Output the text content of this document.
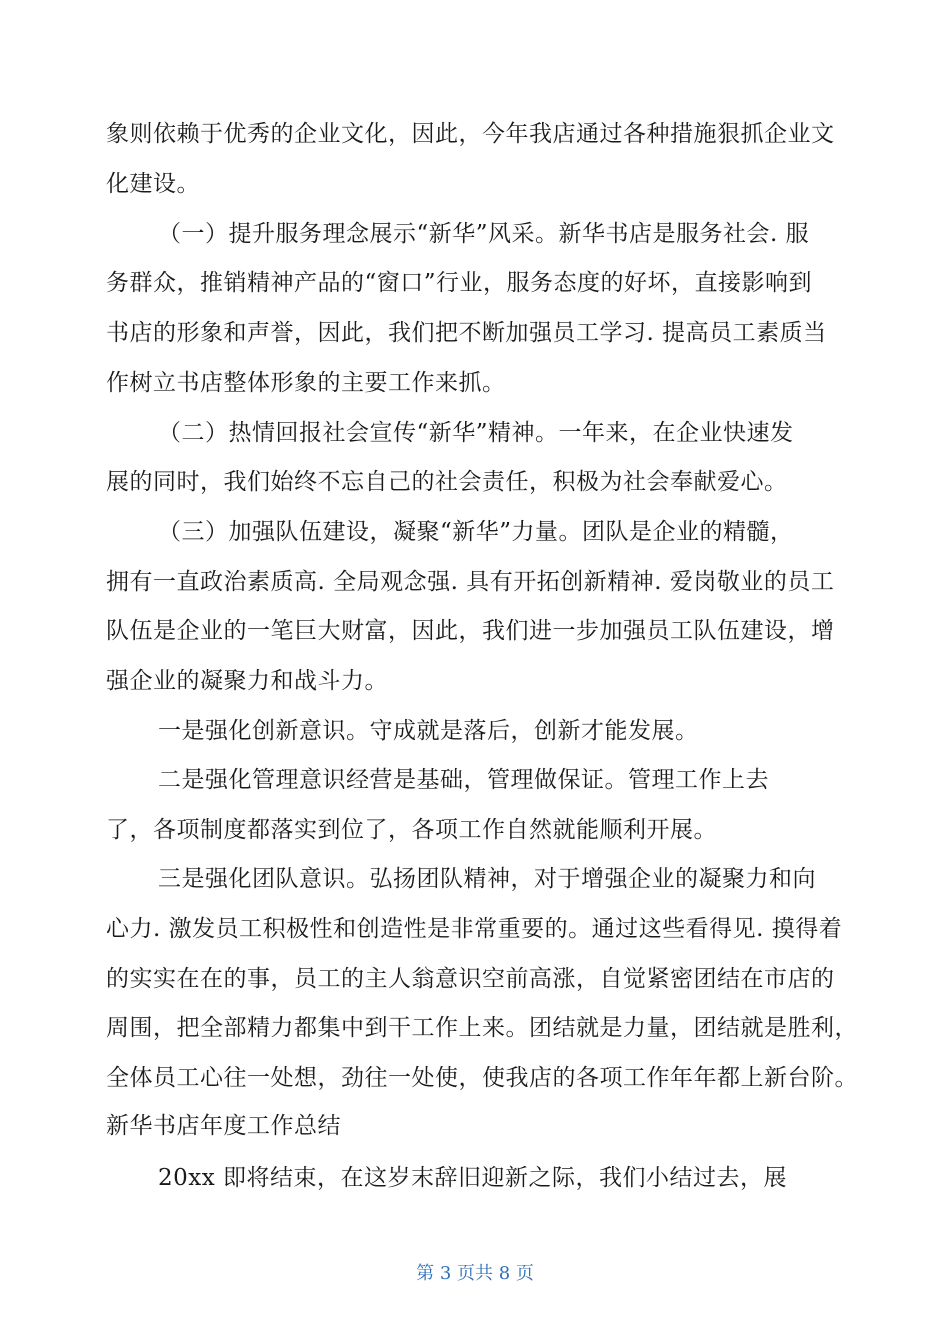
象则依赖于优秀的企业文化，因此，今年我店通过各种措施狠抓企业文
化建设。
（一）提升服务理念展示“新华”风采。新华书店是服务社会. 服
务群众，推销精神产品的“窗口”行业，服务态度的好坏，直接影响到
书店的形象和声誉，因此，我们把不断加强员工学习. 提高员工素质当
作树立书店整体形象的主要工作来抓。
（二）热情回报社会宣传“新华”精神。一年来，在企业快速发
展的同时，我们始终不忘自己的社会责任，积极为社会奉献爱心。
（三）加强队伍建设，凝聚“新华”力量。团队是企业的精髓，
拥有一直政治素质高. 全局观念强. 具有开拓创新精神. 爱岗敬业的员工
队伍是企业的一笔巨大财富，因此，我们进一步加强员工队伍建设，增
强企业的凝聚力和战斗力。
一是强化创新意识。守成就是落后，创新才能发展。
二是强化管理意识经营是基础，管理做保证。管理工作上去
了，各项制度都落实到位了，各项工作自然就能顺利开展。
三是强化团队意识。弘扬团队精神，对于增强企业的凝聚力和向
心力. 激发员工积极性和创造性是非常重要的。通过这些看得见. 摸得着
的实实在在的事，员工的主人翁意识空前高涨，自觉紧密团结在市店的
周围，把全部精力都集中到干工作上来。团结就是力量，团结就是胜利，
全体员工心往一处想，劲往一处使，使我店的各项工作年年都上新台阶。
新华书店年度工作总结
20xx 即将结束，在这岁末辞旧迎新之际，我们小结过去，展
第 3 页共 8 页
